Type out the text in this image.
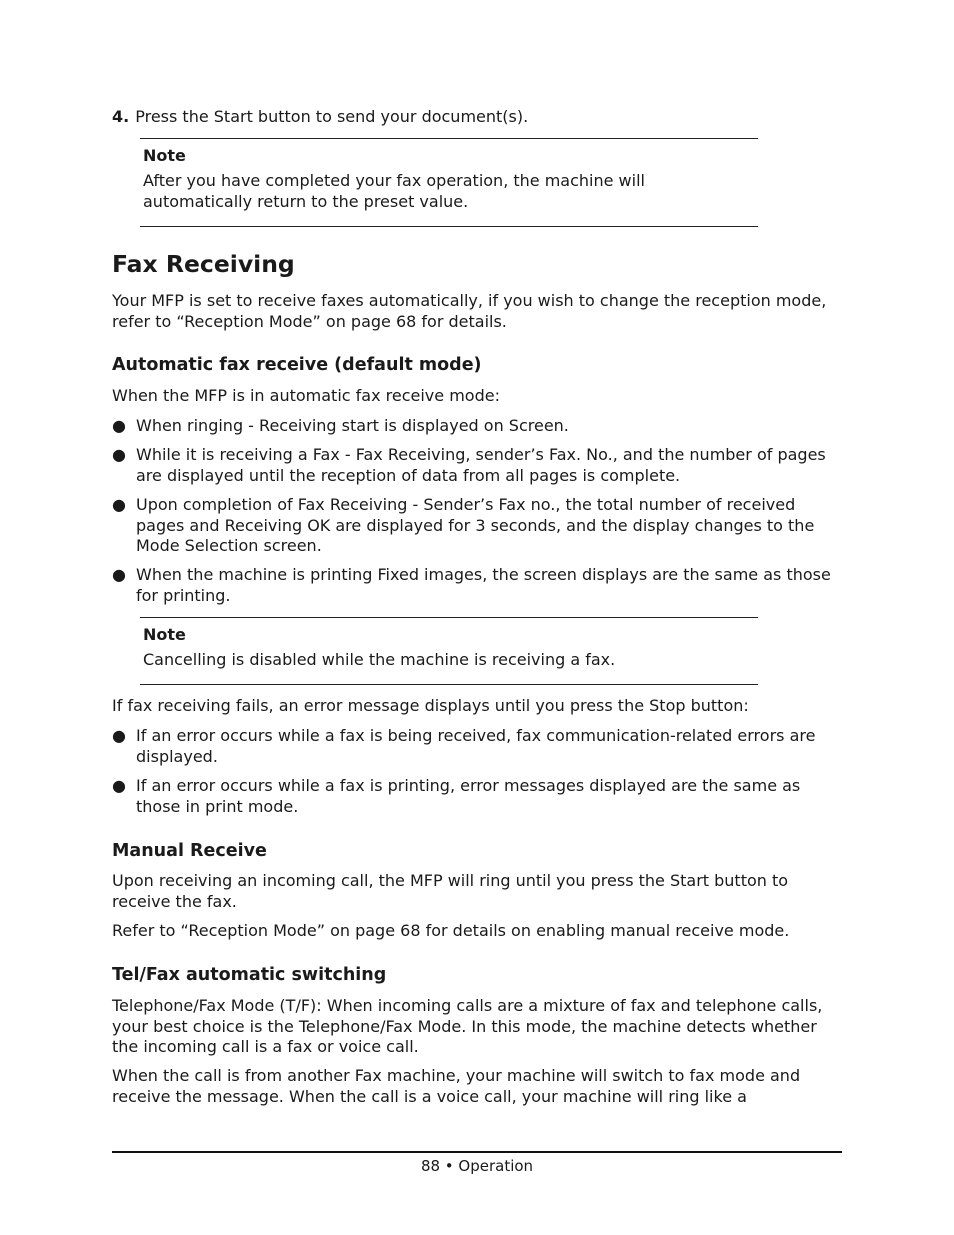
4. Press the Start button to send your document(s).
Note

After you have completed your fax operation, the machine will automatically return to the preset value.

Fax Receiving

Your MFP is set to receive faxes automatically, if you wish to change the reception mode, refer to “Reception Mode” on page 68 for details.

Automatic fax receive (default mode)

When the MFP is in automatic fax receive mode:

● When ringing - Receiving start is displayed on Screen.
● While it is receiving a Fax - Fax Receiving, sender’s Fax. No., and the number of pages are displayed until the reception of data from all pages is complete.
● Upon completion of Fax Receiving - Sender’s Fax no., the total number of received pages and Receiving OK are displayed for 3 seconds, and the display changes to the Mode Selection screen.
● When the machine is printing Fixed images, the screen displays are the same as those for printing.
Note

Cancelling is disabled while the machine is receiving a fax.

If fax receiving fails, an error message displays until you press the Stop button:

● If an error occurs while a fax is being received, fax communication-related errors are displayed.
● If an error occurs while a fax is printing, error messages displayed are the same as those in print mode.
Manual Receive

Upon receiving an incoming call, the MFP will ring until you press the Start button to receive the fax.

Refer to “Reception Mode” on page 68 for details on enabling manual receive mode.

Tel/Fax automatic switching

Telephone/Fax Mode (T/F): When incoming calls are a mixture of fax and telephone calls, your best choice is the Telephone/Fax Mode. In this mode, the machine detects whether the incoming call is a fax or voice call.

When the call is from another Fax machine, your machine will switch to fax mode and receive the message. When the call is a voice call, your machine will ring like a

88 • Operation
